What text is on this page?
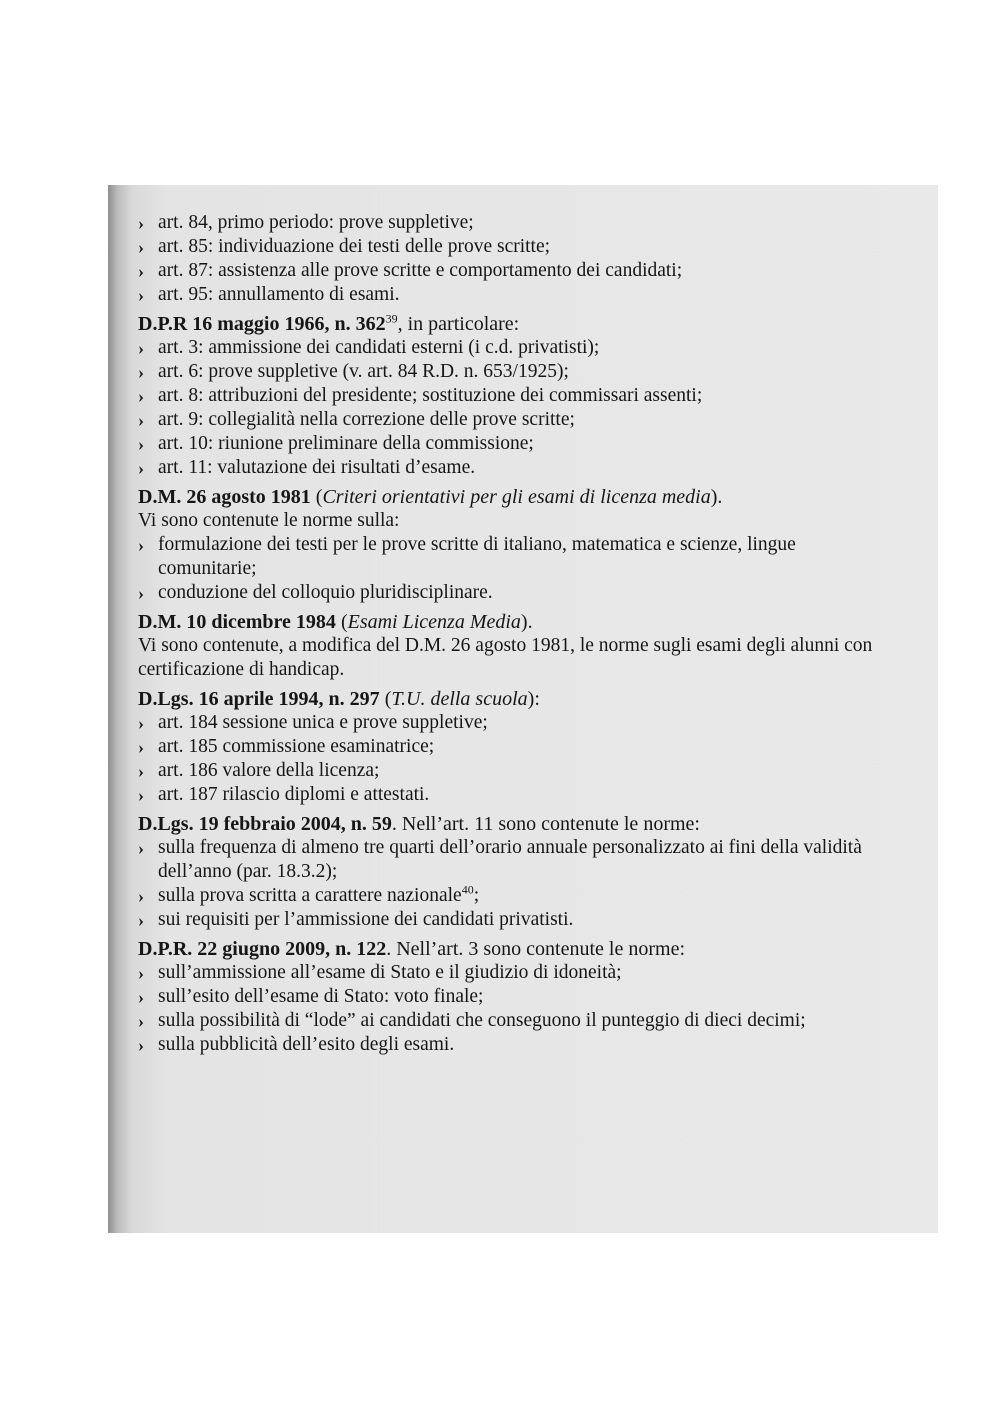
› art. 84, primo periodo: prove suppletive;
› art. 85: individuazione dei testi delle prove scritte;
› art. 87: assistenza alle prove scritte e comportamento dei candidati;
› art. 95: annullamento di esami.
D.P.R 16 maggio 1966, n. $362^{39}$, in particolare:
› art. 3: ammissione dei candidati esterni (i c.d. privatisti);
› art. 6: prove suppletive (v. art. 84 R.D. n. 653/1925);
› art. 8: attribuzioni del presidente; sostituzione dei commissari assenti;
› art. 9: collegialità nella correzione delle prove scritte;
› art. 10: riunione preliminare della commissione;
› art. 11: valutazione dei risultati d’esame.
D.M. 26 agosto 1981 (Criteri orientativi per gli esami di licenza media).
Vi sono contenute le norme sulla:
› formulazione dei testi per le prove scritte di italiano, matematica e scienze, lingue comunitarie;
› conduzione del colloquio pluridisciplinare.
D.M. 10 dicembre 1984 (Esami Licenza Media).
Vi sono contenute, a modifica del D.M. 26 agosto 1981, le norme sugli esami degli alunni con certificazione di handicap.
D.Lgs. 16 aprile 1994, n. 297 (T.U. della scuola):
› art. 184 sessione unica e prove suppletive;
› art. 185 commissione esaminatrice;
› art. 186 valore della licenza;
› art. 187 rilascio diplomi e attestati.
D.Lgs. 19 febbraio 2004, n. 59. Nell’art. 11 sono contenute le norme:
› sulla frequenza di almeno tre quarti dell’orario annuale personalizzato ai fini della validità dell’anno (par. 18.3.2);
› sulla prova scritta a carattere nazionale$^{40}$;
› sui requisiti per l’ammissione dei candidati privatisti.
D.P.R. 22 giugno 2009, n. 122. Nell’art. 3 sono contenute le norme:
› sull’ammissione all’esame di Stato e il giudizio di idoneità;
› sull’esito dell’esame di Stato: voto finale;
› sulla possibilità di “lode” ai candidati che conseguono il punteggio di dieci decimi;
› sulla pubblicità dell’esito degli esami.
